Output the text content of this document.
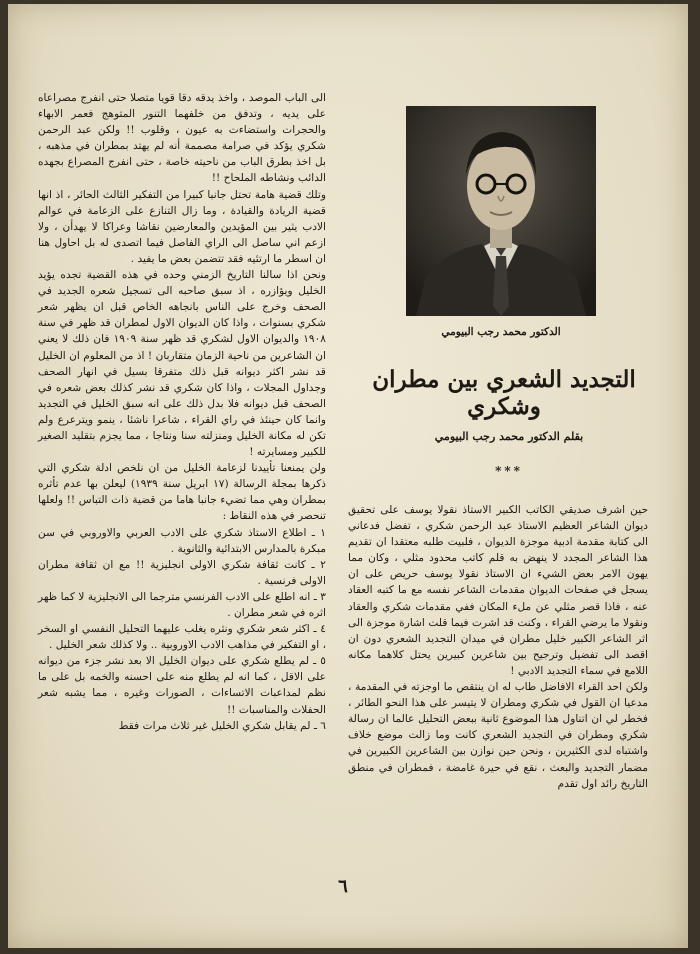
الى الباب الموصد ، واخذ يدقه دقا قويا متصلا حتى انفرج مصراعاه على يديه ، وتدفق من خلفهما التنور المتوهج فعمر الابهاء والحجرات واستضاءت به عيون ، وقلوب !! ولكن عبد الرحمن شكري يؤكد في صرامة مصممة أنه لم يهتد بمطران في مذهبه ، بل اخذ بطرق الباب من ناحيته خاصة ، حتى انفرج المصراع بجهده الدائب ونشاطه الملحاح !!

وتلك قضية هامة تحتل جانبا كبيرا من التفكير الثالث الحائر ، اذ انها قضية الريادة والقيادة ، وما زال التنازع على الزعامة في عوالم الادب يثير بين المؤيدين والمعارضين نقاشا وعراكا لا يهدأن ، ولا ازعم اني ساصل الى الراي الفاصل فيما اتصدى له بل احاول هنا ان اسطر ما ارتئيه فقد تتضمن بعض ما يفيد .

ونحن اذا سالنا التاريخ الزمني وحده في هذه القضية تجده يؤيد الخليل ويؤازره ، اذ سبق صاحبه الى تسجيل شعره الجديد في الصحف وخرج على الناس بانجاهه الخاص قبل ان يظهر شعر شكري بسنوات ، واذا كان الديوان الاول لمطران قد ظهر في سنة ١٩٠٨ والديوان الاول لشكري قد ظهر سنة ١٩٠٩ فان ذلك لا يعني ان الشاعرين من ناحية الزمان متقاربان ! اذ من المعلوم ان الخليل قد نشر اكثر ديوانه قبل ذلك متفرقا بسيل في انهار الصحف وجداول المجلات ، واذا كان شكري قد نشر كذلك بعض شعره في الصحف قبل ديوانه فلا بدل ذلك على انه سبق الخليل في التجديد وانما كان حينئذ في راي القراء ، شاعرا ناشئا ، ينمو ويترعرع ولم تكن له مكانة الخليل ومنزلته سنا ونتاجا ، مما يجزم بتقليد الصغير للكبير ومسايرته !

ولن يمنعنا تأييدنا لزعامة الخليل من ان نلخص ادلة شكري التي ذكرها بمجلة الرسالة (١٧ ابريل سنة ١٩٣٩) ليعلن بها عدم تأثره بمطران وهي مما تضيء جانبا هاما من قضية ذات التباس !! ولعلها تنحصر في هذه النقاط :

١ ـ اطلاع الاستاذ شكري على الادب العربي والاوروبي في سن مبكرة بالمدارس الابتدائية والثانوية .

٢ ـ كانت ثقافة شكري الاولى انجليزية !! مع ان ثقافة مطران الاولى فرنسية .

٣ ـ انه اطلع على الادب الفرنسي مترجما الى الانجليزية لا كما ظهر اثره في شعر مطران .

٤ ـ اكثر شعر شكري ونثره يغلب عليهما التحليل النفسي او السخر ، او التفكير في مذاهب الادب الاوروبية .. ولا كذلك شعر الخليل .

٥ ـ لم يطلع شكري على ديوان الخليل الا بعد نشر جزء من ديوانه على الاقل ، كما انه لم يطلع منه على احسنه والخمه بل على ما نظم لمداعبات الاتساءات ، الصورات وغيره ، مما يشبه شعر الحفلات والمناسبات !!

٦ ـ لم يقابل شكري الخليل غير ثلاث مرات فقط

الدكتور محمد رجب البيومي
التجديد الشعري بين مطران وشكري
بقلم الدكتور محمد رجب البيومي
***

حين اشرف صديقي الكاتب الكبير الاستاذ نقولا يوسف على تحقيق ديوان الشاعر العظيم الاستاذ عبد الرحمن شكري ، تفضل فدعاني الى كتابة مقدمة ادبية موجزة الديوان ، فلبيت طلبه معتقدا ان تقديم هذا الشاعر المجدد لا ينهض به قلم كاتب محدود مثلي ، وكان مما يهون الامر بعض الشيء ان الاستاذ نقولا يوسف حريص على ان يسجل في صفحات الديوان مقدمات الشاعر نفسه مع ما كتبه العقاد عنه ، فاذا قصر مثلي عن ملء المكان ففي مقدمات شكري والعقاد ونقولا ما يرضي القراء ، وكنت قد اشرت فيما قلت اشارة موجزة الى اثر الشاعر الكبير خليل مطران في ميدان التجديد الشعري دون ان اقصد الى تفضيل وترجيح بين شاعرين كبيرين يحتل كلاهما مكانه اللامع في سماء التجديد الادبي !

ولكن احد القراء الافاضل طاب له ان ينتقص ما اوجزته في المقدمة ، مدعيا ان القول في شكري ومطران لا يتيسر على هذا النحو الطائر ، فخطر لي ان اتناول هذا الموضوع ثانية ببعض التحليل عالما ان رسالة شكري ومطران في التجديد الشعري كانت وما زالت موضع خلاف واشتباه لدى الكثيرين ، ونحن حين نوازن بين الشاعرين الكبيرين في مضمار التجديد والبعث ، نقع في حيرة غامضة ، فمطران في منطق التاريخ رائد اول تقدم

٦
